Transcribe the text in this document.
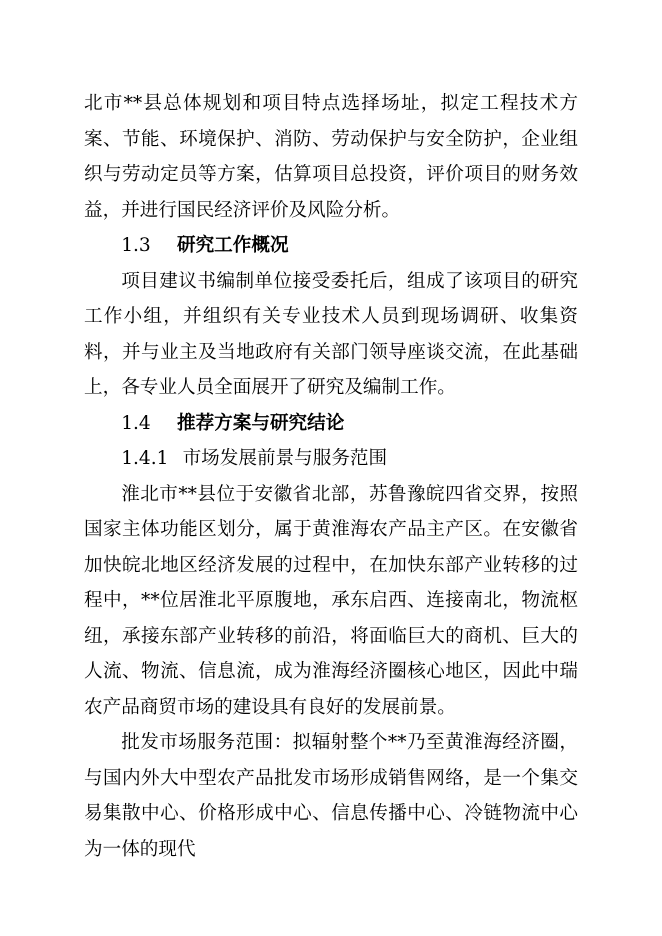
北市**县总体规划和项目特点选择场址，拟定工程技术方案、节能、环境保护、消防、劳动保护与安全防护，企业组织与劳动定员等方案，估算项目总投资，评价项目的财务效益，并进行国民经济评价及风险分析。

1.3 研究工作概况

项目建议书编制单位接受委托后，组成了该项目的研究工作小组，并组织有关专业技术人员到现场调研、收集资料，并与业主及当地政府有关部门领导座谈交流，在此基础上，各专业人员全面展开了研究及编制工作。

1.4 推荐方案与研究结论
1.4.1 市场发展前景与服务范围

淮北市**县位于安徽省北部，苏鲁豫皖四省交界，按照国家主体功能区划分，属于黄淮海农产品主产区。在安徽省加快皖北地区经济发展的过程中，在加快东部产业转移的过程中，**位居淮北平原腹地，承东启西、连接南北，物流枢纽，承接东部产业转移的前沿，将面临巨大的商机、巨大的人流、物流、信息流，成为淮海经济圈核心地区，因此中瑞农产品商贸市场的建设具有良好的发展前景。

批发市场服务范围：拟辐射整个**乃至黄淮海经济圈，与国内外大中型农产品批发市场形成销售网络，是一个集交易集散中心、价格形成中心、信息传播中心、冷链物流中心为一体的现代
